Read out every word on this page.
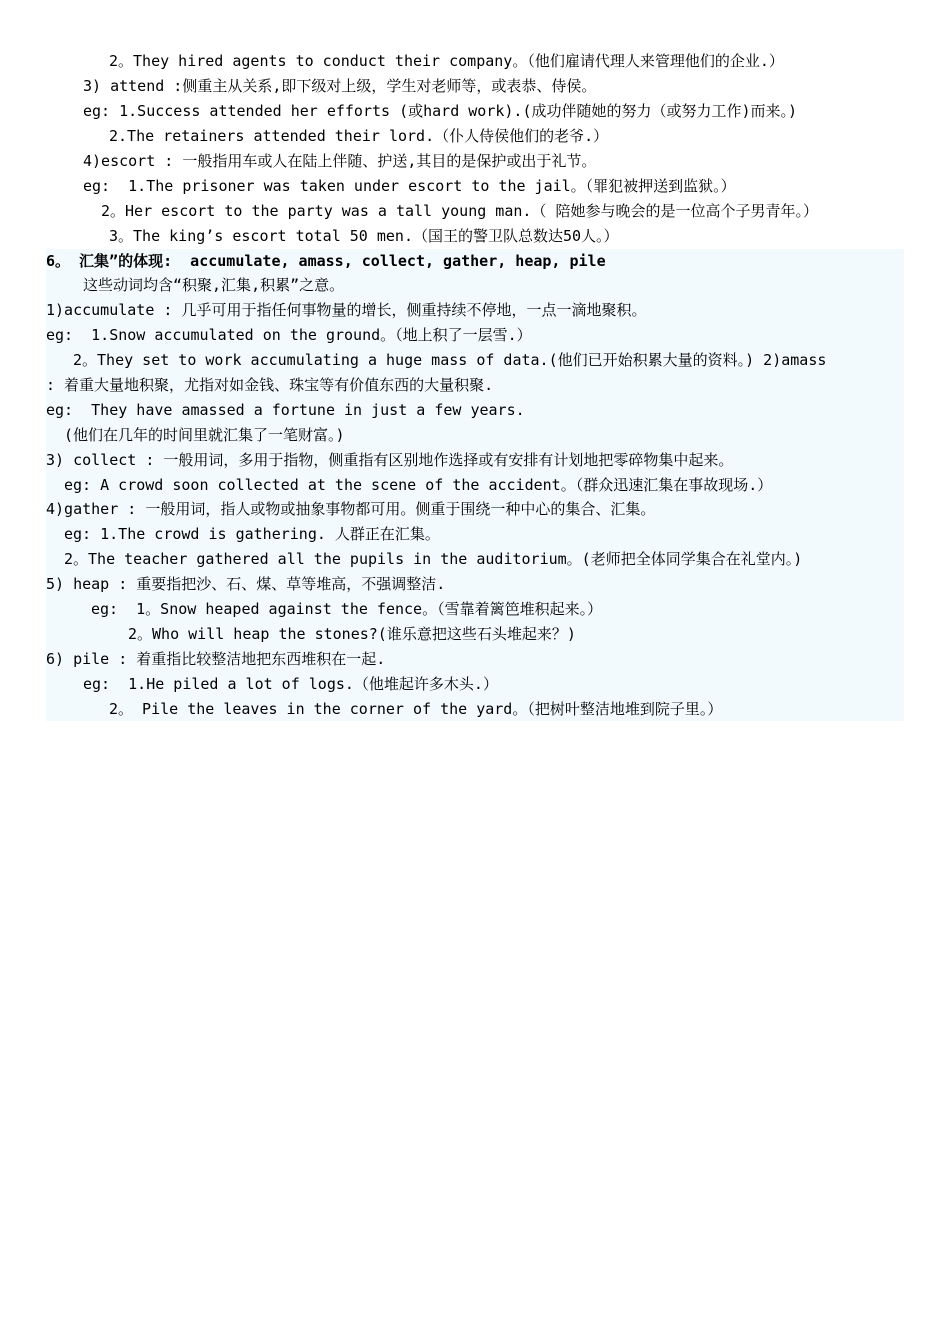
2。They hired agents to conduct their company。（他们雇请代理人来管理他们的企业.）
3) attend :侧重主从关系,即下级对上级，学生对老师等，或表恭、侍侯。
eg: 1.Success attended her efforts (或hard work).(成功伴随她的努力（或努力工作)而来。)
2.The retainers attended their lord.（仆人侍侯他们的老爷.）
4)escort : 一般指用车或人在陆上伴随、护送,其目的是保护或出于礼节。
eg:  1.The prisoner was taken under escort to the jail。（罪犯被押送到监狱。）
2。Her escort to the party was a tall young man.（ 陪她参与晚会的是一位高个子男青年。）
3。The king’s escort total 50 men.（国王的警卫队总数达50人。）
6。 汇集”的体现:  accumulate, amass, collect, gather, heap, pile
这些动词均含“积聚,汇集,积累”之意。
1)accumulate : 几乎可用于指任何事物量的增长，侧重持续不停地，一点一滴地聚积。
eg:  1.Snow accumulated on the ground。（地上积了一层雪.）
2。They set to work accumulating a huge mass of data.(他们已开始积累大量的资料。) 2)amass
: 着重大量地积聚，尤指对如金钱、珠宝等有价值东西的大量积聚.
eg:  They have amassed a fortune in just a few years.
(他们在几年的时间里就汇集了一笔财富。)
3) collect : 一般用词，多用于指物，侧重指有区别地作选择或有安排有计划地把零碎物集中起来。
eg: A crowd soon collected at the scene of the accident。（群众迅速汇集在事故现场.）
4)gather : 一般用词，指人或物或抽象事物都可用。侧重于围绕一种中心的集合、汇集。
eg: 1.The crowd is gathering. 人群正在汇集。
2。The teacher gathered all the pupils in the auditorium。(老师把全体同学集合在礼堂内。)
5) heap : 重要指把沙、石、煤、草等堆高，不强调整洁.
eg:  1。Snow heaped against the fence。（雪靠着篱笆堆积起来。）
2。Who will heap the stones?(谁乐意把这些石头堆起来？)
6) pile : 着重指比较整洁地把东西堆积在一起.
eg:  1.He piled a lot of logs.（他堆起许多木头.）
2。 Pile the leaves in the corner of the yard。（把树叶整洁地堆到院子里。）
